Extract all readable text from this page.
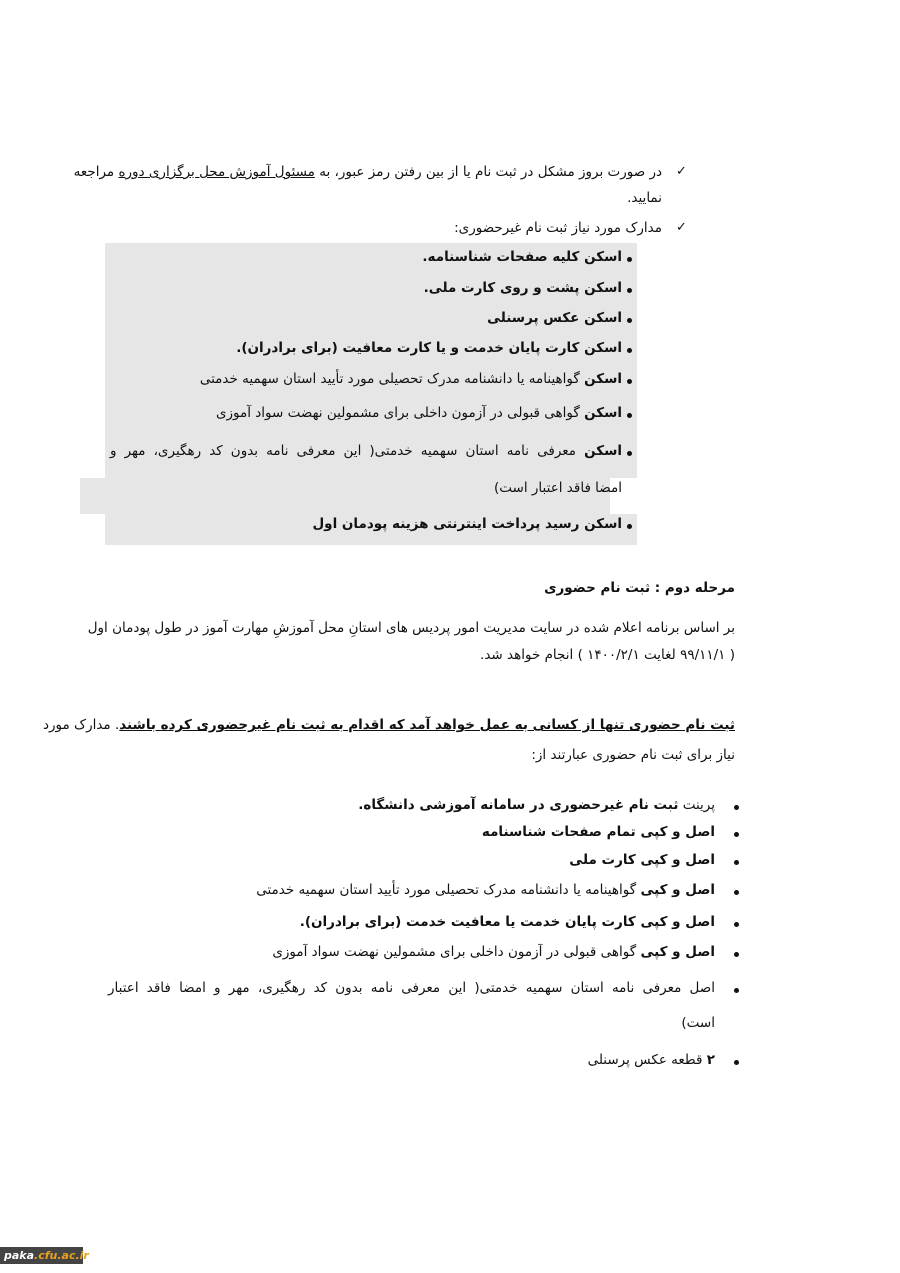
✓
در صورت بروز مشکل در ثبت نام یا از بین رفتن رمز عبور، به مسئول آموزش محل برگزاری دوره مراجعه
نمایید.
✓
مدارک مورد نیاز ثبت نام غیرحضوری:
اسکن کلیه صفحات شناسنامه.
اسکن پشت و روی کارت ملی.
اسکن عکس پرسنلی
اسکن کارت پایان خدمت و یا کارت معافیت (برای برادران).
اسکن گواهینامه یا دانشنامه مدرک تحصیلی مورد تأیید استان سهمیه خدمتی
اسکن گواهی قبولی در آزمون داخلی برای مشمولین نهضت سواد آموزی
اسکن معرفی نامه استان سهمیه خدمتی( این معرفی نامه بدون کد رهگیری، مهر و
امضا فاقد اعتبار است)
اسکن رسید پرداخت اینترنتی هزینه پودمان اول
مرحله دوم : ثبت نام حضوری
بر اساس برنامه اعلام شده در سایت مدیریت امور پردیس های استانِ محل آموزشِ مهارت آموز در طول پودمان اول
( ۹۹/۱۱/۱ لغایت ۱۴۰۰/۲/۱ ) انجام خواهد شد.
ثبت نام حضوری تنها از کسانی به عمل خواهد آمد که اقدام به ثبت نام غیرحضوری کرده باشند. مدارک مورد
نیاز برای ثبت نام حضوری عبارتند از:
پرینت ثبت نام غیرحضوری در سامانه آموزشی دانشگاه.
اصل و کپی تمام صفحات شناسنامه
اصل و کپی کارت ملی
اصل و کپی گواهینامه یا دانشنامه مدرک تحصیلی مورد تأیید استان سهمیه خدمتی
اصل و کپی کارت پایان خدمت یا معافیت خدمت (برای برادران).
اصل و کپی گواهی قبولی در آزمون داخلی برای مشمولین نهضت سواد آموزی
اصل معرفی نامه استان سهمیه خدمتی( این معرفی نامه بدون کد رهگیری، مهر و امضا فاقد اعتبار
است)
۲ قطعه عکس پرسنلی
paka.cfu.ac.ir
